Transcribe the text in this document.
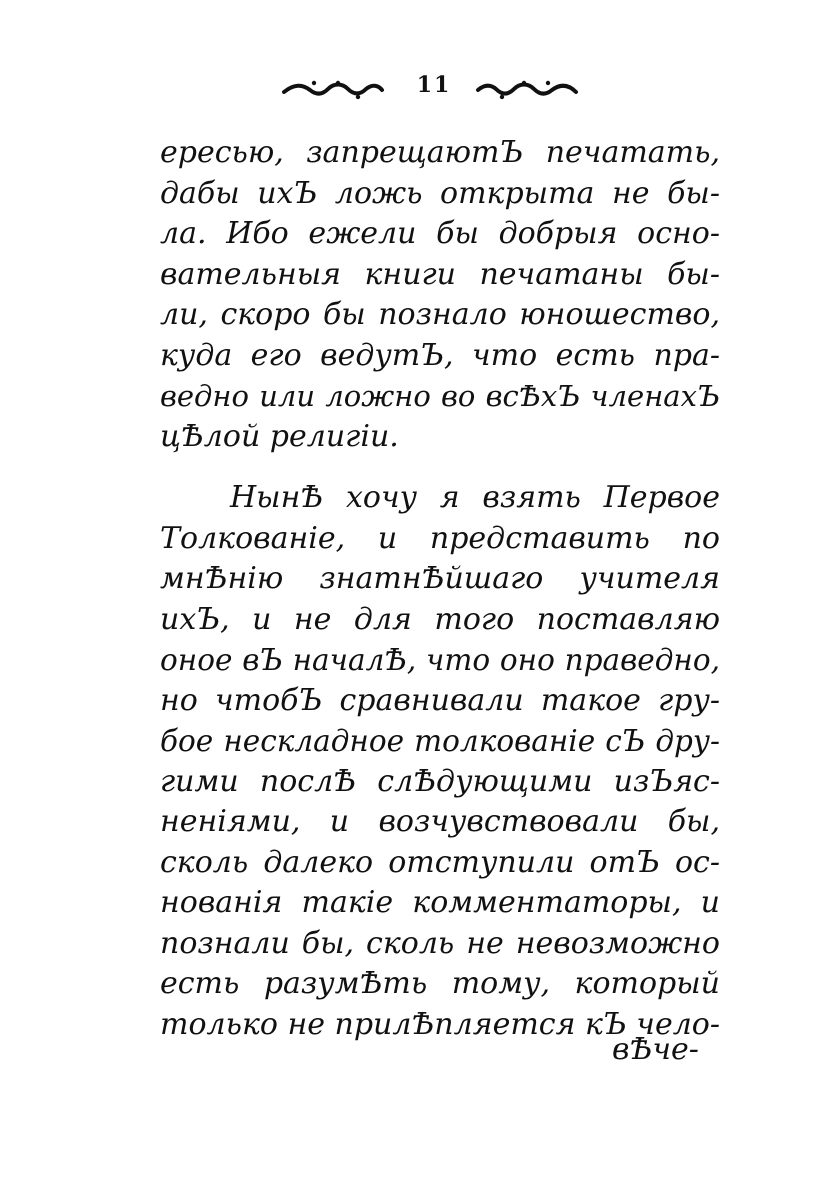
11
ересью, запрещаютЪ печатать,
дабы ихЪ ложь открыта не бы-
ла. Ибо ежели бы добрыя осно-
вательныя книги печатаны бы-
ли, скоро бы познало юношество,
куда его ведутЪ, что есть пра-
ведно или ложно во всѢхЪ членахЪ
цѢлой религіи.
НынѢ хочу я взять Первое
Толкованіе, и представить по
мнѢнію знатнѢйшаго учителя
ихЪ, и не для того поставляю
оное вЪ началѢ, что оно праведно,
но чтобЪ сравнивали такое гру-
бое нескладное толкованіе сЪ дру-
гими послѢ слѢдующими изЪяс-
неніями, и возчувствовали бы,
сколь далеко отступили отЪ ос-
нованія такіе комментаторы, и
познали бы, сколь не невозможно
есть разумѢть тому, который
только не прилѢпляется кЪ чело-
вѢче-
